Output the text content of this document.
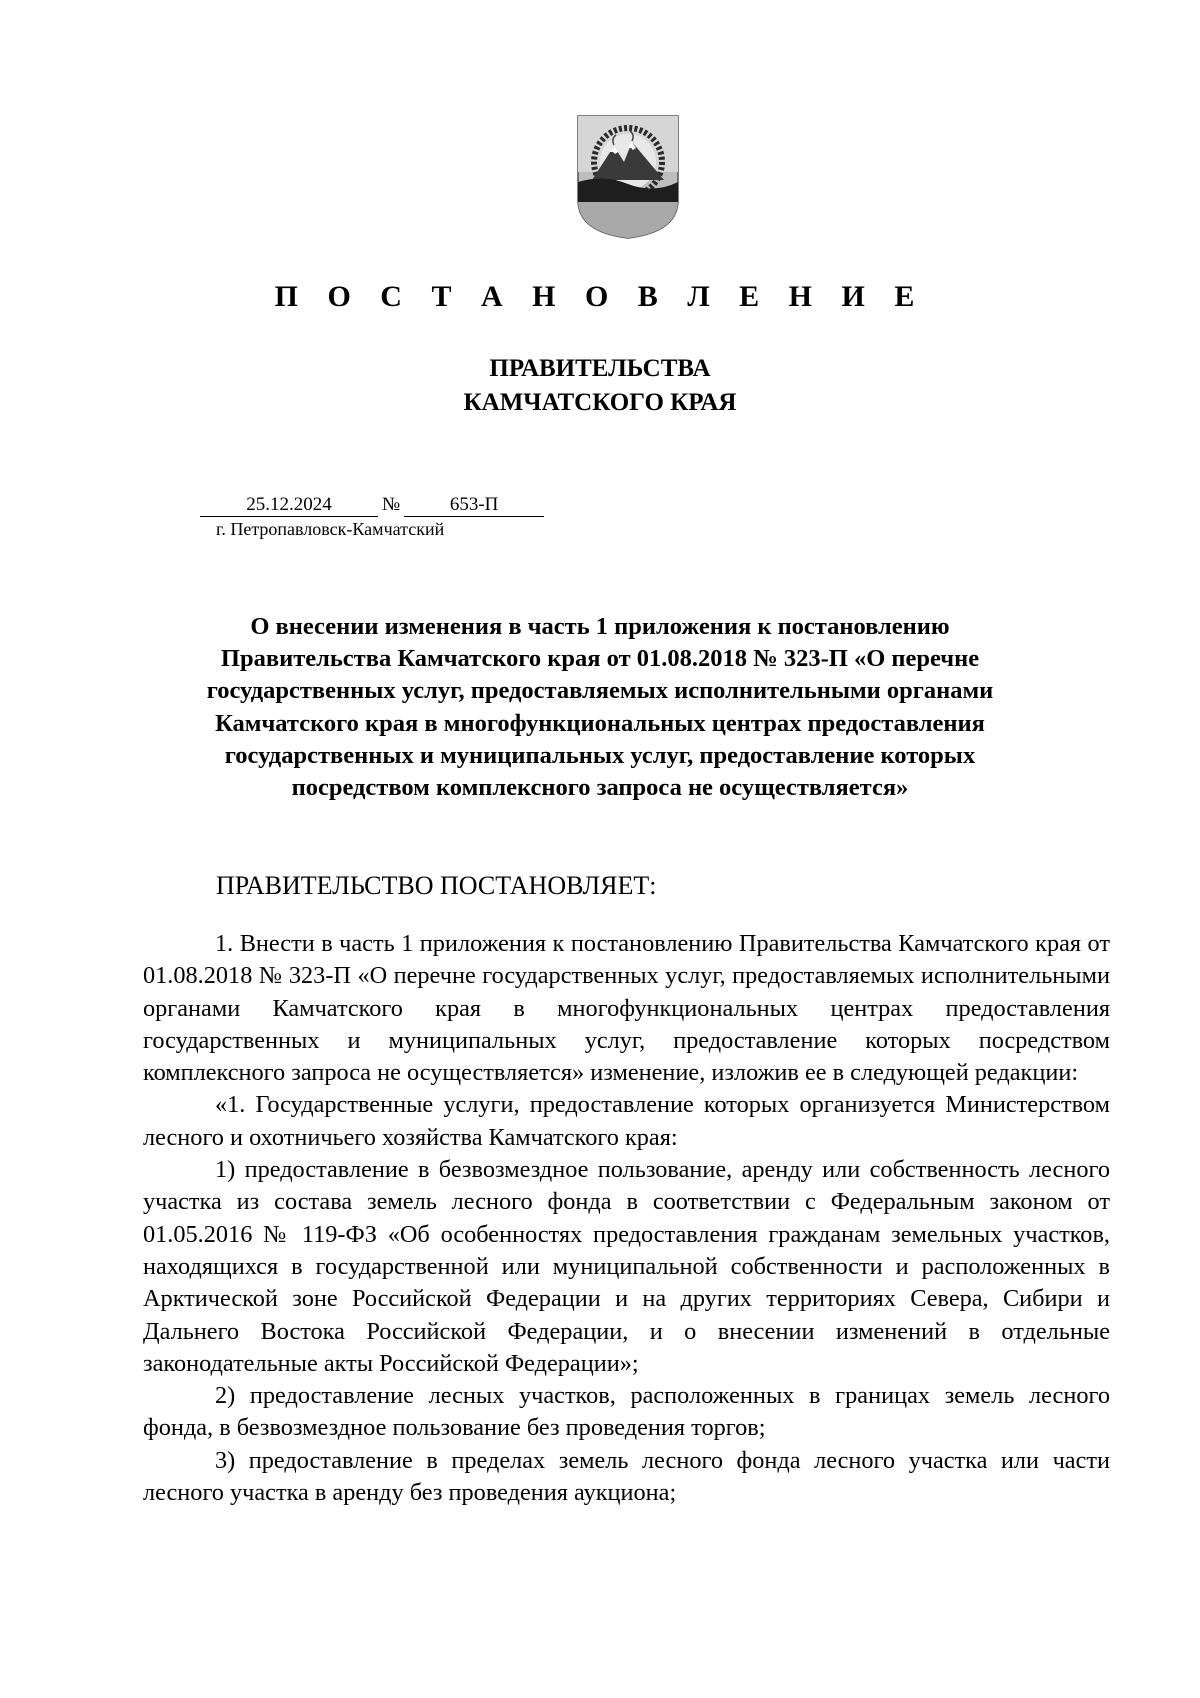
П О С Т А Н О В Л Е Н И Е
ПРАВИТЕЛЬСТВА
КАМЧАТСКОГО КРАЯ
25.12.2024	№	653-П
г. Петропавловск-Камчатский
О внесении изменения в часть 1 приложения к постановлению
Правительства Камчатского края от 01.08.2018 № 323-П «О перечне
государственных услуг, предоставляемых исполнительными органами
Камчатского края в многофункциональных центрах предоставления
государственных и муниципальных услуг, предоставление которых
посредством комплексного запроса не осуществляется»
ПРАВИТЕЛЬСТВО ПОСТАНОВЛЯЕТ:

1. Внести в часть 1 приложения к постановлению Правительства Камчатского края от 01.08.2018 № 323-П «О перечне государственных услуг, предоставляемых исполнительными органами Камчатского края в многофункциональных центрах предоставления государственных и муниципальных услуг, предоставление которых посредством комплексного запроса не осуществляется» изменение, изложив ее в следующей редакции:

«1. Государственные услуги, предоставление которых организуется Министерством лесного и охотничьего хозяйства Камчатского края:

1) предоставление в безвозмездное пользование, аренду или собственность лесного участка из состава земель лесного фонда в соответствии с Федеральным законом от 01.05.2016 № 119-ФЗ «Об особенностях предоставления гражданам земельных участков, находящихся в государственной или муниципальной собственности и расположенных в Арктической зоне Российской Федерации и на других территориях Севера, Сибири и Дальнего Востока Российской Федерации, и о внесении изменений в отдельные законодательные акты Российской Федерации»;

2) предоставление лесных участков, расположенных в границах земель лесного фонда, в безвозмездное пользование без проведения торгов;

3) предоставление в пределах земель лесного фонда лесного участка или части лесного участка в аренду без проведения аукциона;
